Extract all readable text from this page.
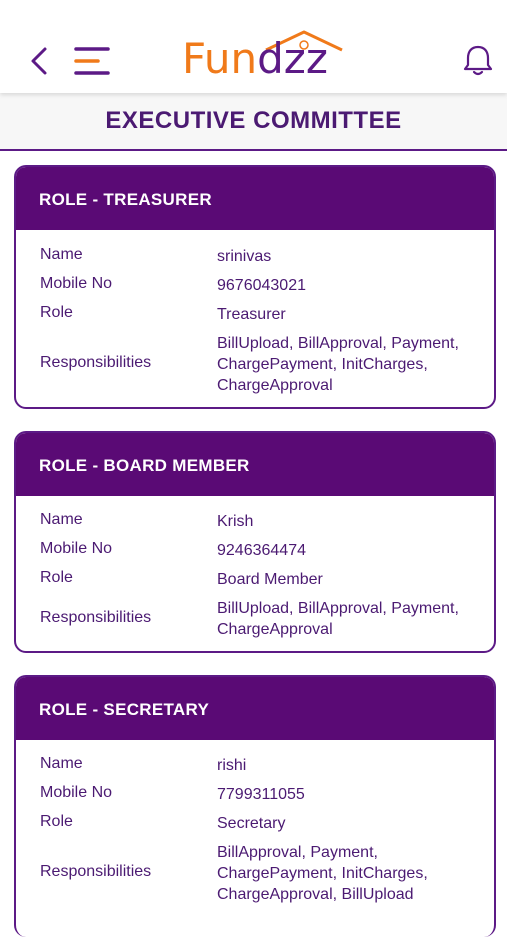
Fundzz
EXECUTIVE COMMITTEE
ROLE - TREASURER
Name	srinivas
Mobile No	9676043021
Role	Treasurer
Responsibilities
BillUpload, BillApproval, Payment,
ChargePayment, InitCharges,
ChargeApproval
ROLE - BOARD MEMBER
Name	Krish
Mobile No	9246364474
Role	Board Member
Responsibilities
BillUpload, BillApproval, Payment,
ChargeApproval
ROLE - SECRETARY
Name	rishi
Mobile No	7799311055
Role	Secretary
Responsibilities
BillApproval, Payment,
ChargePayment, InitCharges,
ChargeApproval, BillUpload
